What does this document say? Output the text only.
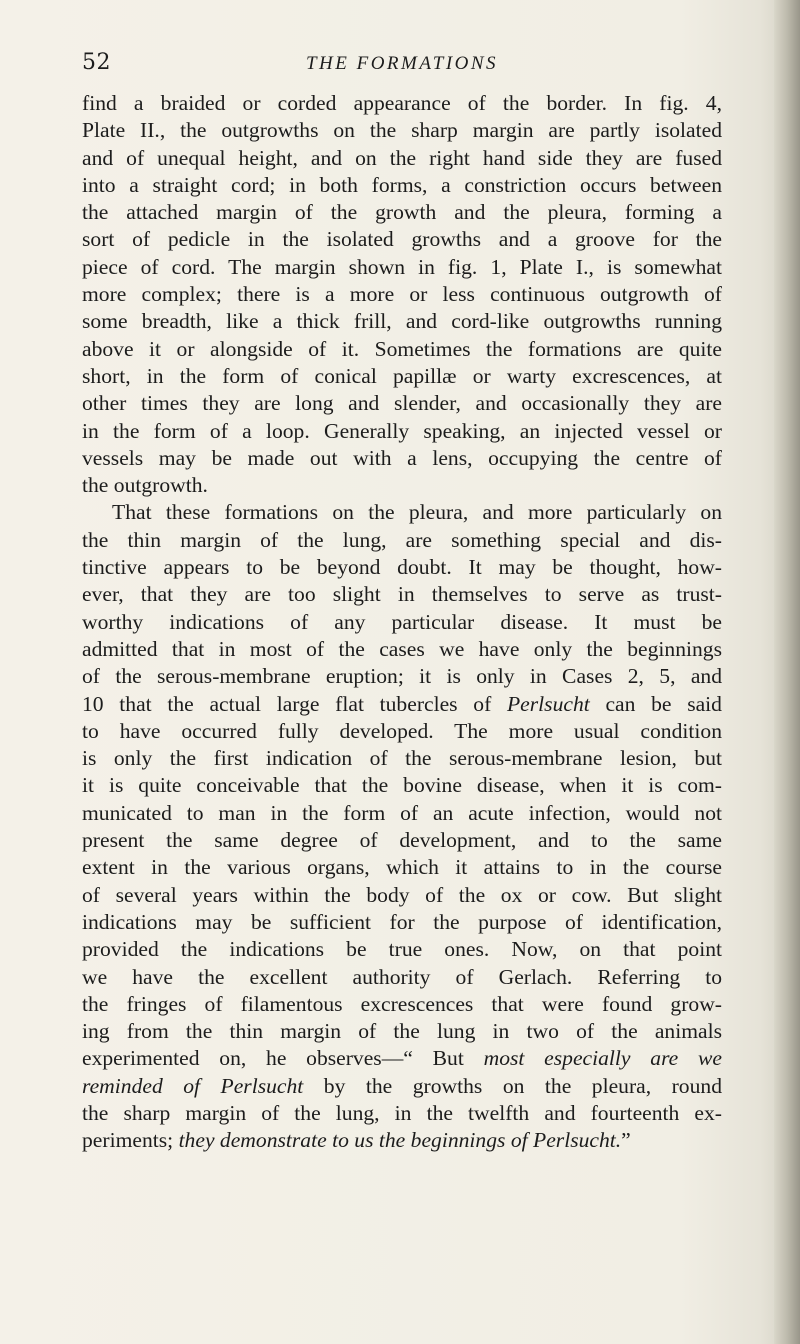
52	THE FORMATIONS

find a braided or corded appearance of the border. In fig. 4,
Plate II., the outgrowths on the sharp margin are partly isolated
and of unequal height, and on the right hand side they are fused
into a straight cord; in both forms, a constriction occurs between
the attached margin of the growth and the pleura, forming a
sort of pedicle in the isolated growths and a groove for the
piece of cord. The margin shown in fig. 1, Plate I., is somewhat
more complex; there is a more or less continuous outgrowth of
some breadth, like a thick frill, and cord-like outgrowths running
above it or alongside of it. Sometimes the formations are quite
short, in the form of conical papillæ or warty excrescences, at
other times they are long and slender, and occasionally they are
in the form of a loop. Generally speaking, an injected vessel or
vessels may be made out with a lens, occupying the centre of
the outgrowth.

That these formations on the pleura, and more particularly on
the thin margin of the lung, are something special and dis-
tinctive appears to be beyond doubt. It may be thought, how-
ever, that they are too slight in themselves to serve as trust-
worthy indications of any particular disease. It must be
admitted that in most of the cases we have only the beginnings
of the serous-membrane eruption; it is only in Cases 2, 5, and
10 that the actual large flat tubercles of Perlsucht can be said
to have occurred fully developed. The more usual condition
is only the first indication of the serous-membrane lesion, but
it is quite conceivable that the bovine disease, when it is com-
municated to man in the form of an acute infection, would not
present the same degree of development, and to the same
extent in the various organs, which it attains to in the course
of several years within the body of the ox or cow. But slight
indications may be sufficient for the purpose of identification,
provided the indications be true ones. Now, on that point
we have the excellent authority of Gerlach. Referring to
the fringes of filamentous excrescences that were found grow-
ing from the thin margin of the lung in two of the animals
experimented on, he observes—“ But most especially are we
reminded of Perlsucht by the growths on the pleura, round
the sharp margin of the lung, in the twelfth and fourteenth ex-
periments; they demonstrate to us the beginnings of Perlsucht.”
